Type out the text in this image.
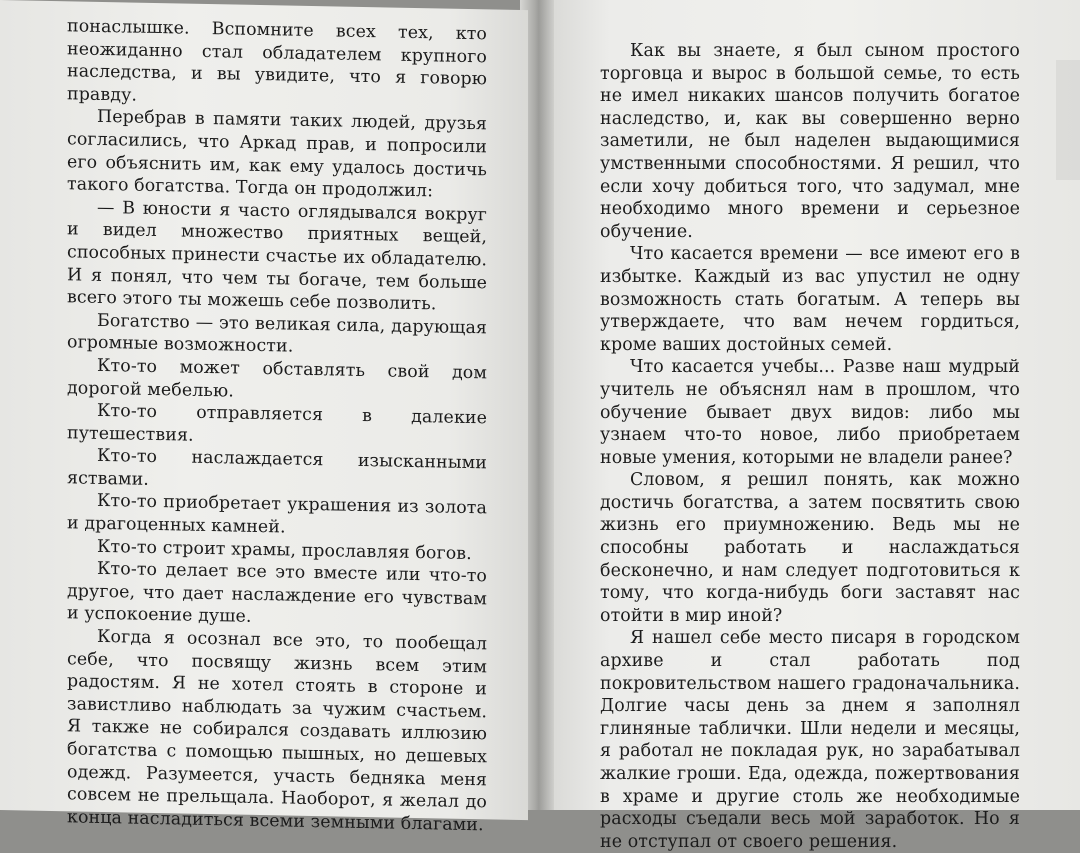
Как вы знаете, я был сыном простого торговца и вырос в большой семье, то есть не имел никаких шансов получить богатое наследство, и, как вы совершенно верно заметили, не был наделен выдающимися умственными способностями. Я решил, что если хочу добиться того, что задумал, мне необходимо много времени и серьезное обучение.

Что касается времени — все имеют его в избытке. Каждый из вас упустил не одну возможность стать богатым. А теперь вы утверждаете, что вам нечем гордиться, кроме ваших достойных семей.

Что касается учебы... Разве наш мудрый учитель не объяснял нам в прошлом, что обучение бывает двух видов: либо мы узнаем что-то новое, либо приобретаем новые умения, которыми не владели ранее?

Словом, я решил понять, как можно достичь богатства, а затем посвятить свою жизнь его приумножению. Ведь мы не способны работать и наслаждаться бесконечно, и нам следует подготовиться к тому, что когда-нибудь боги заставят нас отойти в мир иной?

Я нашел себе место писаря в городском архиве и стал работать под покровительством нашего градоначальника. Долгие часы день за днем я заполнял глиняные таблички. Шли недели и месяцы, я работал не покладая рук, но зарабатывал жалкие гроши. Еда, одежда, пожертвования в храме и другие столь же необходимые расходы съедали весь мой заработок. Но я не отступал от своего решения.

понаслышке. Вспомните всех тех, кто неожиданно стал обладателем крупного наследства, и вы увидите, что я говорю правду.

Перебрав в памяти таких людей, друзья согласились, что Аркад прав, и попросили его объяснить им, как ему удалось достичь такого богатства. Тогда он продолжил:

— В юности я часто оглядывался вокруг и видел множество приятных вещей, способных принести счастье их обладателю. И я понял, что чем ты богаче, тем больше всего этого ты можешь себе позволить.

Богатство — это великая сила, дарующая огромные возможности.

Кто-то может обставлять свой дом дорогой мебелью.

Кто-то отправляется в далекие путешествия.

Кто-то наслаждается изысканными яствами.

Кто-то приобретает украшения из золота и драгоценных камней.

Кто-то строит храмы, прославляя богов.

Кто-то делает все это вместе или что-то другое, что дает наслаждение его чувствам и успокоение душе.

Когда я осознал все это, то пообещал себе, что посвящу жизнь всем этим радостям. Я не хотел стоять в стороне и завистливо наблюдать за чужим счастьем. Я также не собирался создавать иллюзию богатства с помощью пышных, но дешевых одежд. Разумеется, участь бедняка меня совсем не прельщала. Наоборот, я желал до конца насладиться всеми земными благами.
